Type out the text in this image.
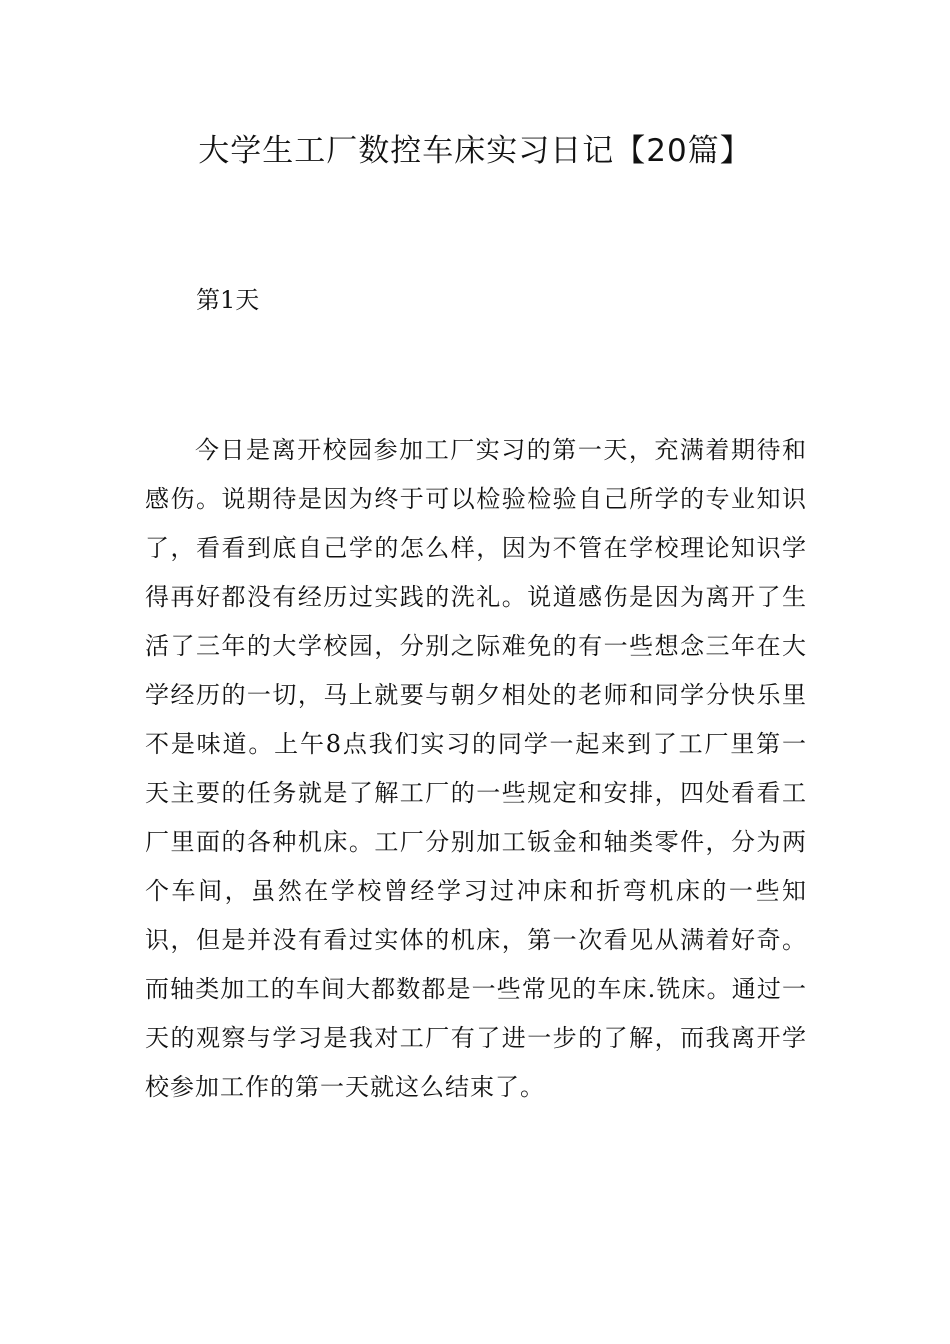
大学生工厂数控车床实习日记【20篇】
第1天

今日是离开校园参加工厂实习的第一天，充满着期待和感伤。说期待是因为终于可以检验检验自己所学的专业知识了，看看到底自己学的怎么样，因为不管在学校理论知识学得再好都没有经历过实践的洗礼。说道感伤是因为离开了生活了三年的大学校园，分别之际难免的有一些想念三年在大学经历的一切，马上就要与朝夕相处的老师和同学分快乐里不是味道。上午8点我们实习的同学一起来到了工厂里第一天主要的任务就是了解工厂的一些规定和安排，四处看看工厂里面的各种机床。工厂分别加工钣金和轴类零件，分为两个车间，虽然在学校曾经学习过冲床和折弯机床的一些知识，但是并没有看过实体的机床，第一次看见从满着好奇。而轴类加工的车间大都数都是一些常见的车床.铣床。通过一天的观察与学习是我对工厂有了进一步的了解，而我离开学校参加工作的第一天就这么结束了。
